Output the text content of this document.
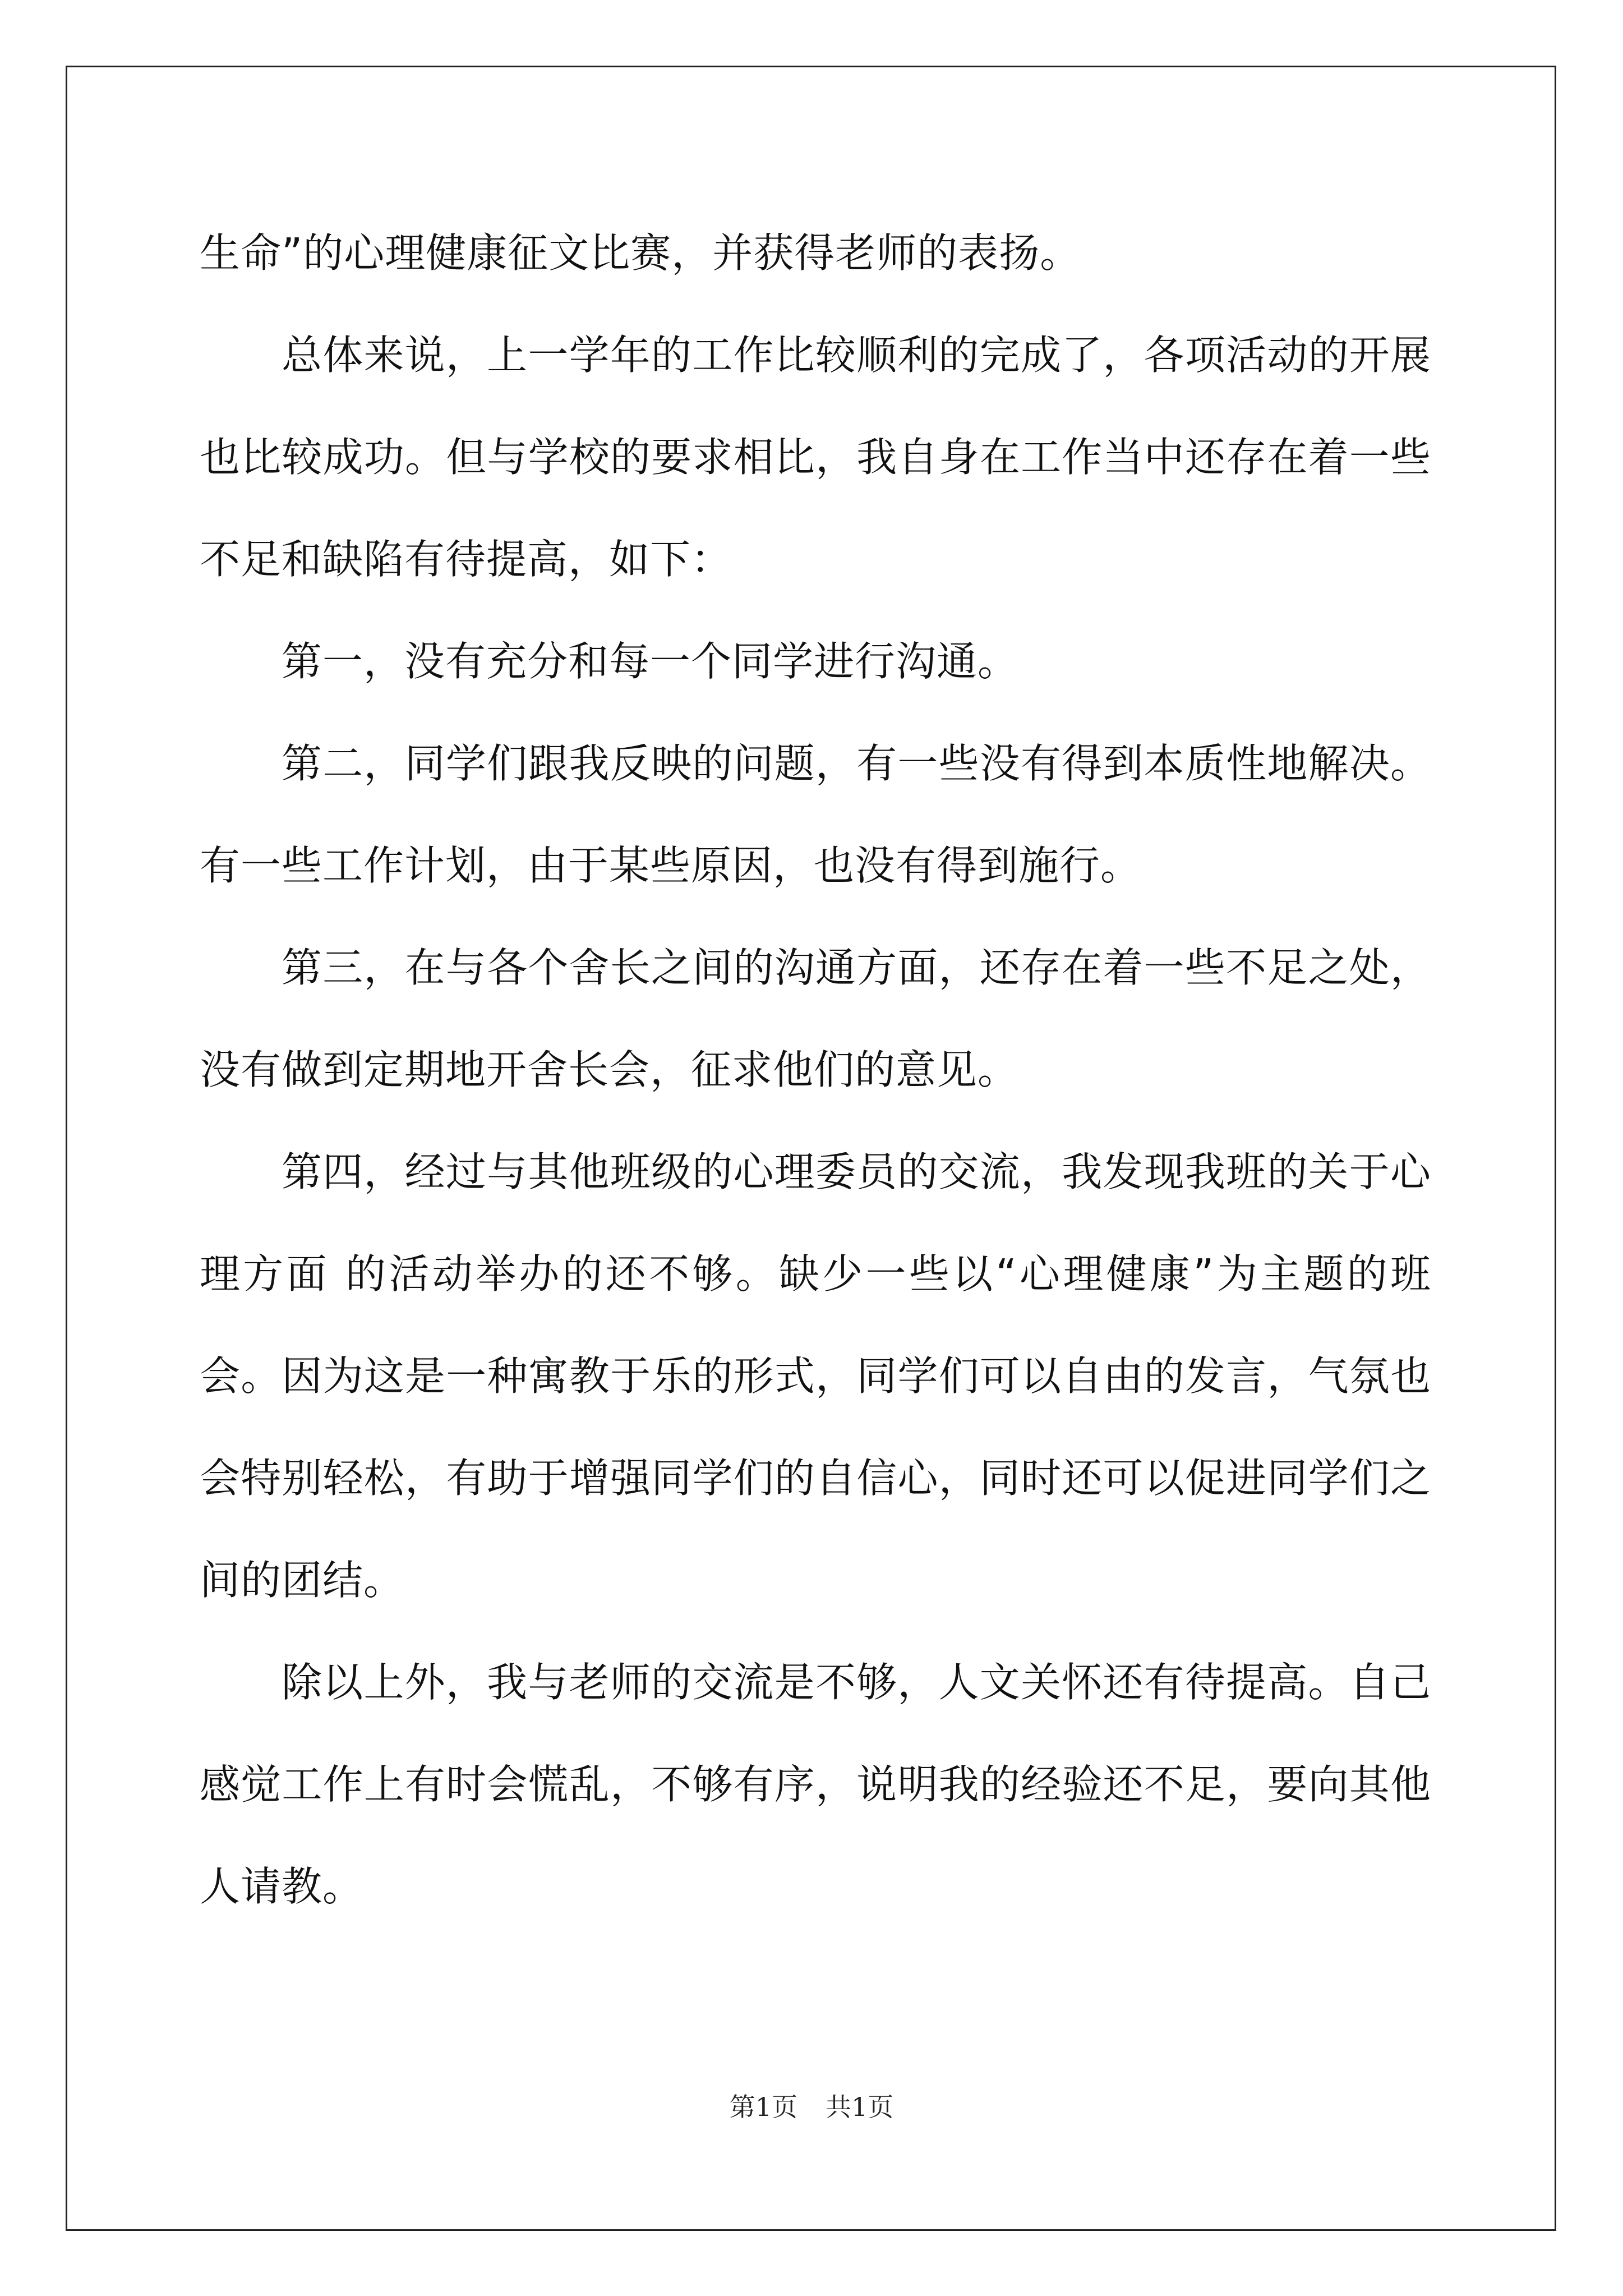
生命”的心理健康征文比赛，并获得老师的表扬。

总体来说，上一学年的工作比较顺利的完成了，各项活动的开展也比较成功。但与学校的要求相比，我自身在工作当中还存在着一些不足和缺陷有待提高，如下：

第一，没有充分和每一个同学进行沟通。

第二，同学们跟我反映的问题，有一些没有得到本质性地解决。有一些工作计划，由于某些原因，也没有得到施行。

第三，在与各个舍长之间的沟通方面，还存在着一些不足之处，没有做到定期地开舍长会，征求他们的意见。

第四，经过与其他班级的心理委员的交流，我发现我班的关于心理方面 的活动举办的还不够。缺少一些以“心理健康”为主题的班会。因为这是一种寓教于乐的形式，同学们可以自由的发言，气氛也会特别轻松，有助于增强同学们的自信心，同时还可以促进同学们之间的团结。

除以上外，我与老师的交流是不够，人文关怀还有待提高。自己感觉工作上有时会慌乱，不够有序，说明我的经验还不足，要向其他人请教。

第1页 共1页
